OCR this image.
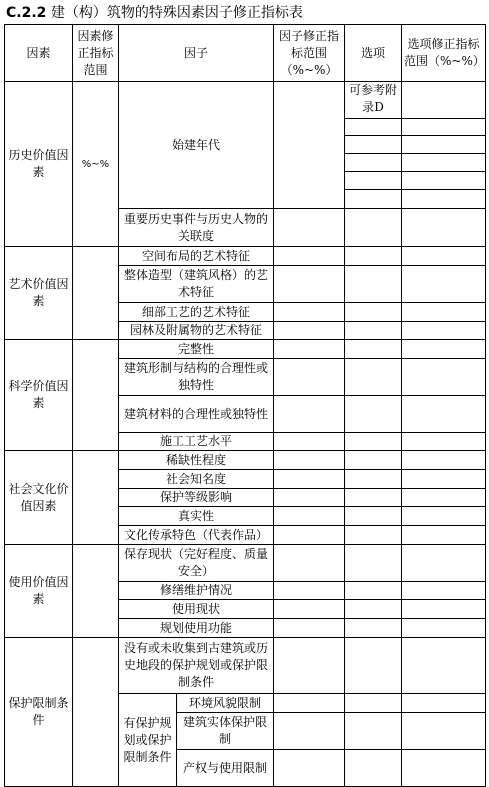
C.2.2 建（构）筑物的特殊因素因子修正指标表
因素	因素修正指标范围	因子		因子修正指标范围（%~%）	选项	选项修正指标范围（%~%）
历史价值因素	%~%	始建年代			可参考附录D	

		重要历史事件与历史人物的关联度				
艺术价值因素		空间布局的艺术特征				
		整体造型（建筑风格）的艺术特征				
		细部工艺的艺术特征				
		园林及附属物的艺术特征				
科学价值因素		完整性				
		建筑形制与结构的合理性或独特性				
		建筑材料的合理性或独特性				
		施工工艺水平				
社会文化价值因素		稀缺性程度				
		社会知名度				
		保护等级影响				
		真实性				
		文化传承特色（代表作品）				
使用价值因素		保存现状（完好程度、质量安全）				
		修缮维护情况				
		使用现状				
		规划使用功能				
保护限制条件		没有或未收集到古建筑或历史地段的保护规划或保护限制条件				
		有保护规划或保护限制条件	环境风貌限制			
			建筑实体保护限制			
			产权与使用限制			
